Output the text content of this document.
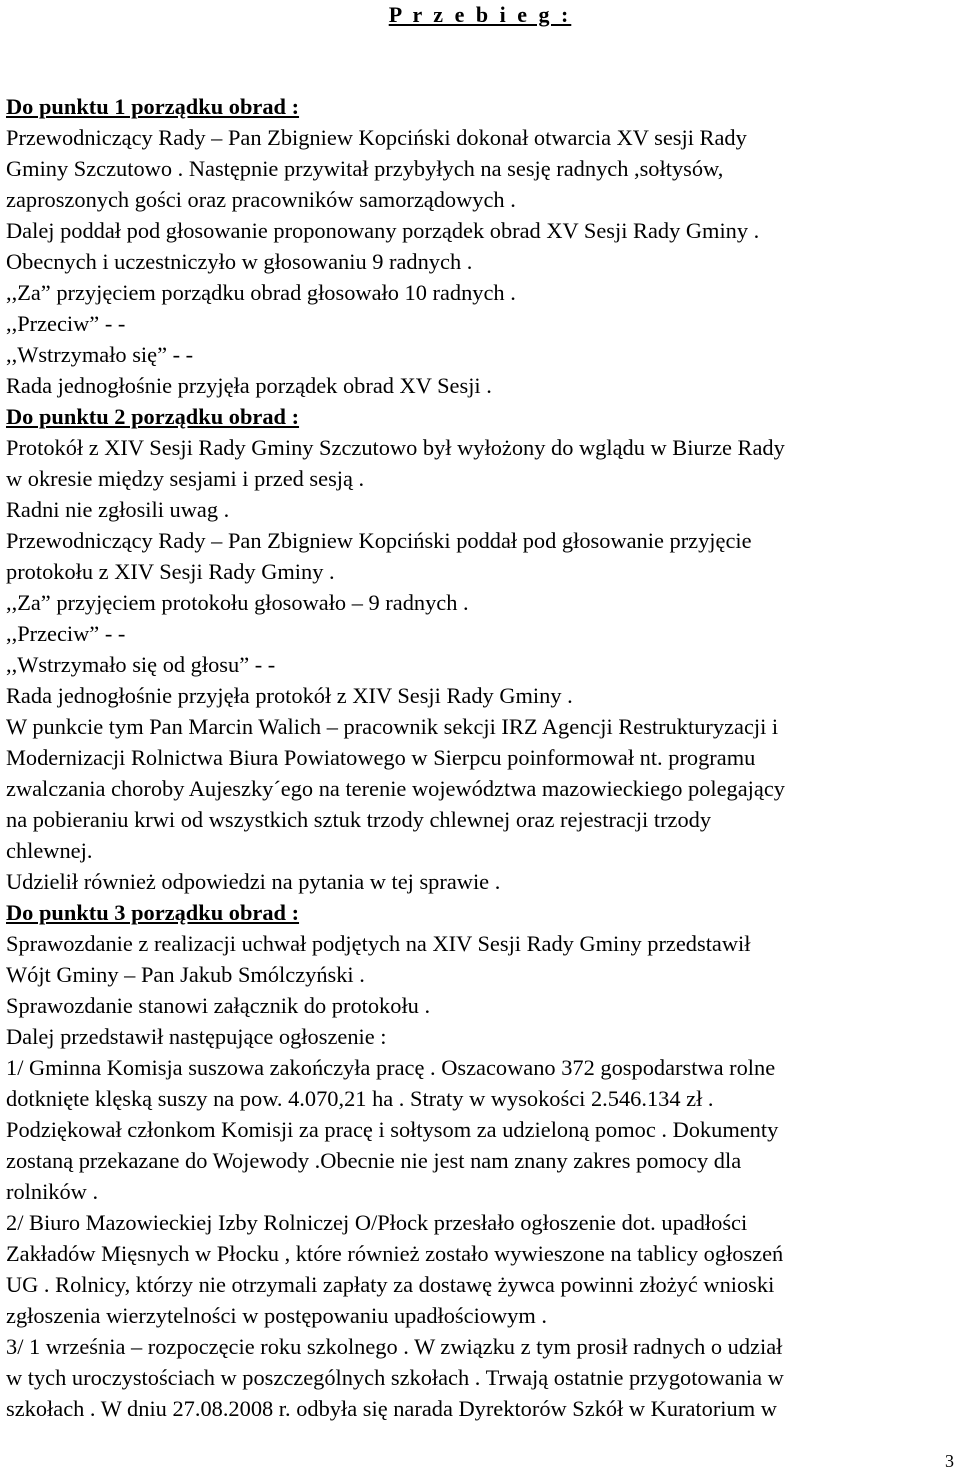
P r z e b i e g :
Do punktu 1 porządku obrad :
Przewodniczący Rady – Pan Zbigniew Kopciński dokonał otwarcia XV sesji Rady
Gminy Szczutowo . Następnie przywitał przybyłych na sesję radnych ,sołtysów,
zaproszonych gości oraz pracowników samorządowych .
Dalej poddał pod głosowanie proponowany porządek obrad XV Sesji Rady Gminy .
Obecnych i uczestniczyło w głosowaniu 9 radnych .
,,Za” przyjęciem porządku obrad głosowało 10 radnych .
,,Przeciw” - -
,,Wstrzymało się” - -
Rada jednogłośnie przyjęła porządek obrad XV Sesji .
Do punktu 2 porządku obrad :
Protokół z XIV Sesji Rady Gminy Szczutowo był wyłożony do wglądu w Biurze Rady
w okresie między sesjami i przed sesją .
Radni nie zgłosili uwag .
Przewodniczący Rady – Pan Zbigniew Kopciński poddał pod głosowanie przyjęcie
protokołu z XIV Sesji Rady Gminy .
,,Za” przyjęciem protokołu głosowało – 9 radnych .
,,Przeciw” - -
,,Wstrzymało się od głosu” - -
Rada jednogłośnie przyjęła protokół z XIV Sesji Rady Gminy .
W punkcie tym Pan Marcin Walich – pracownik sekcji IRZ Agencji Restrukturyzacji i
Modernizacji Rolnictwa Biura Powiatowego w Sierpcu poinformował nt. programu
zwalczania choroby Aujeszky´ego na terenie województwa mazowieckiego polegający
na pobieraniu krwi od wszystkich sztuk trzody chlewnej oraz rejestracji trzody
chlewnej.
Udzielił również odpowiedzi na pytania w tej sprawie .
Do punktu 3 porządku obrad :
Sprawozdanie z realizacji uchwał podjętych na XIV Sesji Rady Gminy przedstawił
Wójt Gminy – Pan Jakub Smólczyński .
Sprawozdanie stanowi załącznik do protokołu .
Dalej przedstawił następujące ogłoszenie :
1/ Gminna Komisja suszowa zakończyła pracę . Oszacowano 372 gospodarstwa rolne
dotknięte klęską suszy na pow. 4.070,21 ha . Straty w wysokości 2.546.134 zł .
Podziękował członkom Komisji za pracę i sołtysom za udzieloną pomoc . Dokumenty
zostaną przekazane do Wojewody .Obecnie nie jest nam znany zakres pomocy dla
rolników .
2/ Biuro Mazowieckiej Izby Rolniczej O/Płock przesłało ogłoszenie dot. upadłości
Zakładów Mięsnych w Płocku , które również zostało wywieszone na tablicy ogłoszeń
UG . Rolnicy, którzy nie otrzymali zapłaty za dostawę żywca powinni złożyć wnioski
zgłoszenia wierzytelności w postępowaniu upadłościowym .
3/ 1 września – rozpoczęcie roku szkolnego . W związku z tym prosił radnych o udział
w tych uroczystościach w poszczególnych szkołach . Trwają ostatnie przygotowania w
szkołach . W dniu 27.08.2008 r. odbyła się narada Dyrektorów Szkół w Kuratorium w
3
